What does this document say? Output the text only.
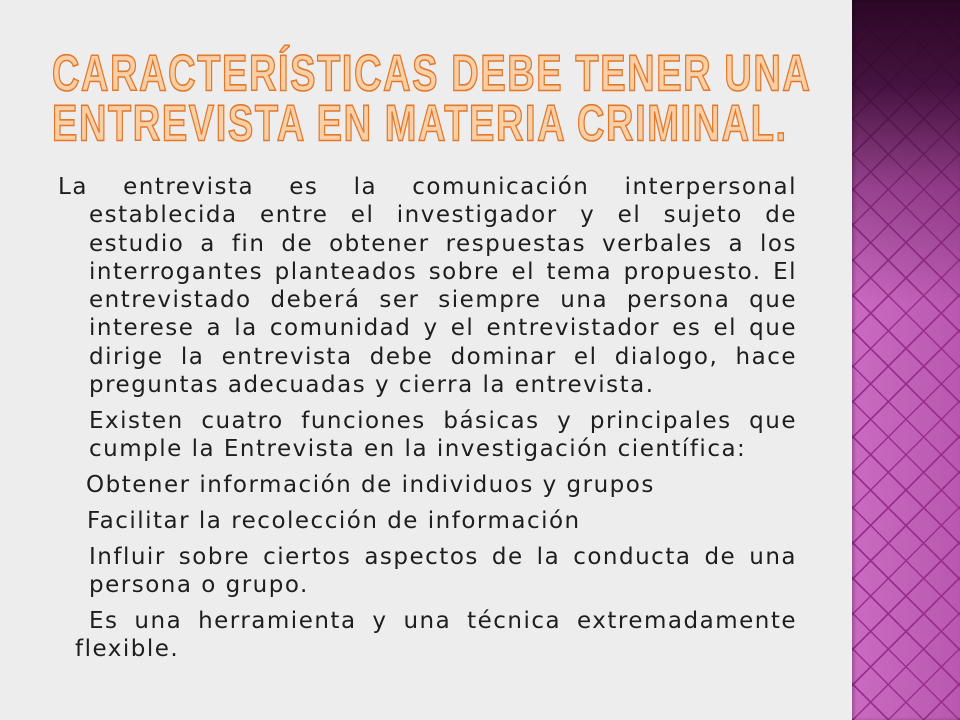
CARACTERÍSTICAS DEBE TENER UNA ENTREVISTA EN MATERIA CRIMINAL.
La entrevista es la comunicación interpersonal
establecida entre el investigador y el sujeto de
estudio a fin de obtener respuestas verbales a los
interrogantes planteados sobre el tema propuesto. El
entrevistado deberá ser siempre una persona que
interese a la comunidad y el entrevistador es el que
dirige la entrevista debe dominar el dialogo, hace
preguntas adecuadas y cierra la entrevista.
Existen cuatro funciones básicas y principales que
cumple la Entrevista en la investigación científica:
Obtener información de individuos y grupos
Facilitar la recolección de información
Influir sobre ciertos aspectos de la conducta de una
persona o grupo.
Es una herramienta y una técnica extremadamente
flexible.
